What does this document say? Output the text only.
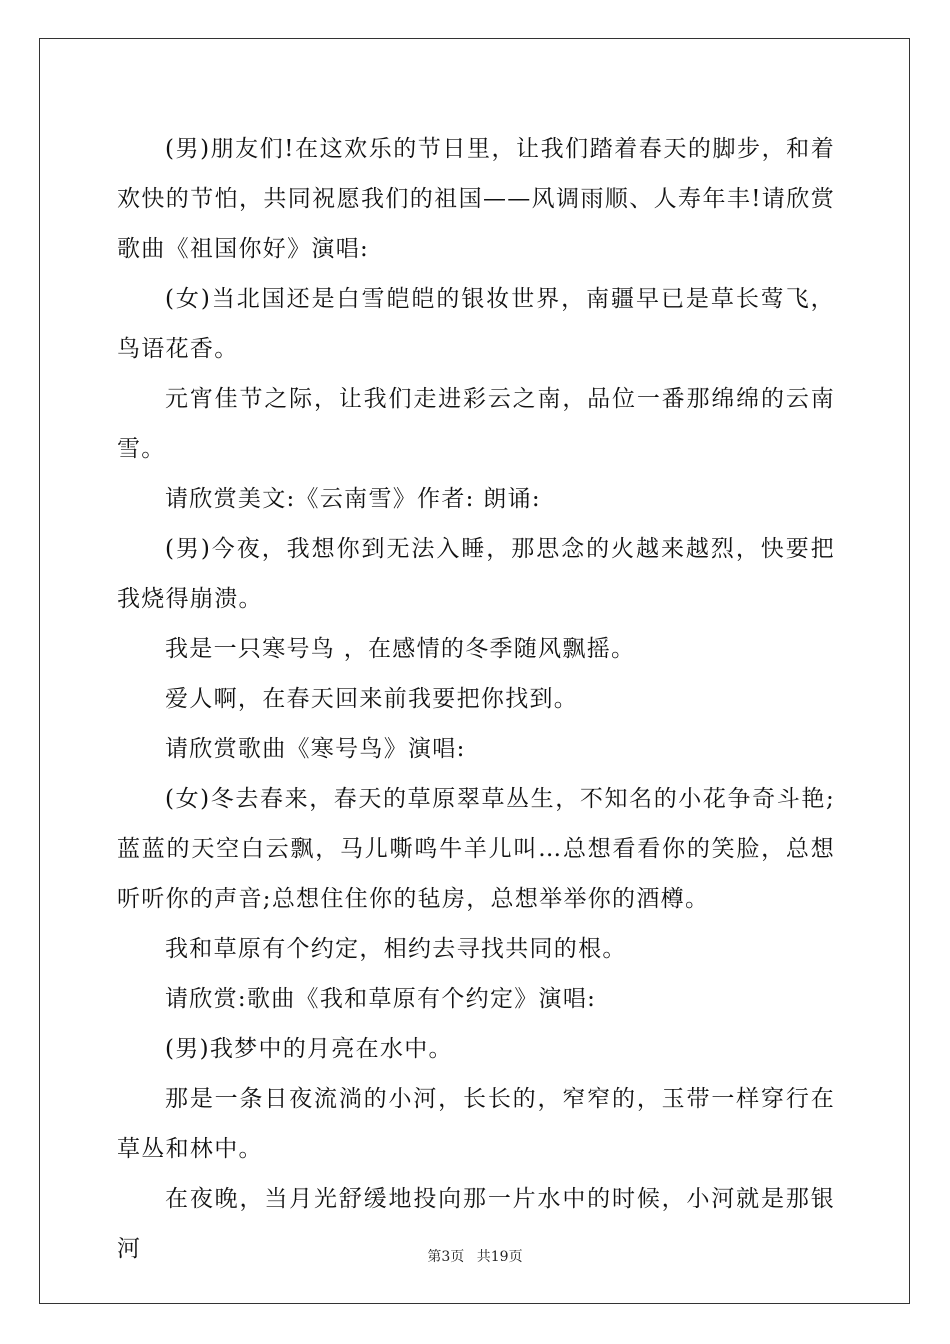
(男)朋友们!在这欢乐的节日里，让我们踏着春天的脚步，和着欢快的节怕，共同祝愿我们的祖国——风调雨顺、人寿年丰!请欣赏歌曲《祖国你好》演唱:

(女)当北国还是白雪皑皑的银妆世界，南疆早已是草长莺飞，鸟语花香。

元宵佳节之际，让我们走进彩云之南，品位一番那绵绵的云南雪。

请欣赏美文:《云南雪》作者: 朗诵:

(男)今夜，我想你到无法入睡，那思念的火越来越烈，快要把我烧得崩溃。

我是一只寒号鸟 ，在感情的冬季随风飘摇。

爱人啊，在春天回来前我要把你找到。

请欣赏歌曲《寒号鸟》演唱:

(女)冬去春来，春天的草原翠草丛生，不知名的小花争奇斗艳;蓝蓝的天空白云飘，马儿嘶鸣牛羊儿叫…总想看看你的笑脸，总想听听你的声音;总想住住你的毡房，总想举举你的酒樽。

我和草原有个约定，相约去寻找共同的根。

请欣赏:歌曲《我和草原有个约定》演唱:

(男)我梦中的月亮在水中。

那是一条日夜流淌的小河，长长的，窄窄的，玉带一样穿行在草丛和林中。

在夜晚，当月光舒缓地投向那一片水中的时候，小河就是那银河	第3页 共19页
